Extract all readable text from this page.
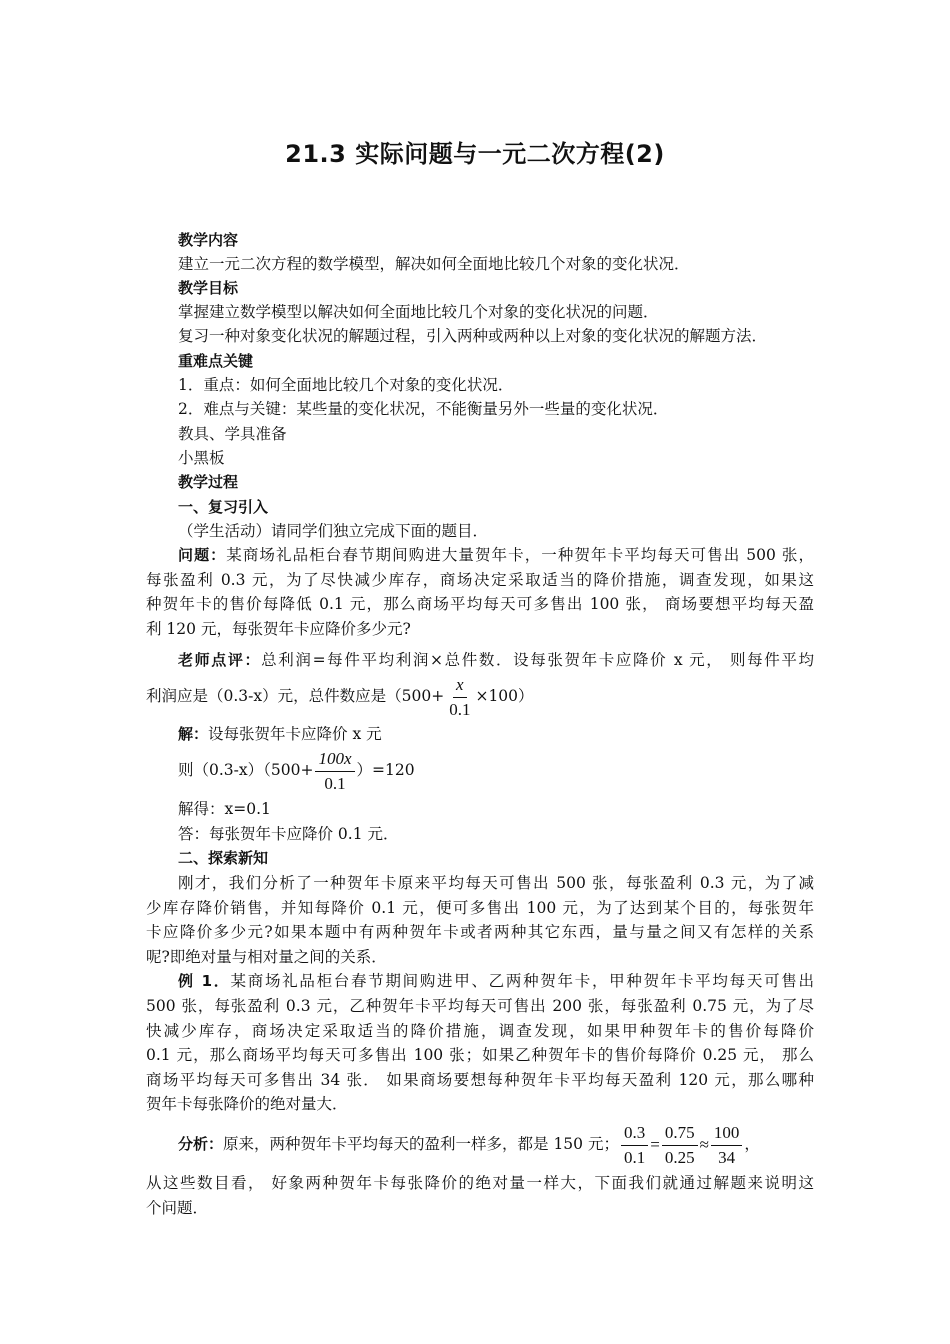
21.3 实际问题与一元二次方程(2)
教学内容
建立一元二次方程的数学模型，解决如何全面地比较几个对象的变化状况．
教学目标
掌握建立数学模型以解决如何全面地比较几个对象的变化状况的问题．
复习一种对象变化状况的解题过程，引入两种或两种以上对象的变化状况的解题方法．
重难点关键
1．重点：如何全面地比较几个对象的变化状况．
2．难点与关键：某些量的变化状况，不能衡量另外一些量的变化状况．
教具、学具准备
小黑板
教学过程
一、复习引入
（学生活动）请同学们独立完成下面的题目．
问题：某商场礼品柜台春节期间购进大量贺年卡，一种贺年卡平均每天可售出 500 张，
每张盈利 0.3 元，为了尽快减少库存，商场决定采取适当的降价措施，调查发现，如果这
种贺年卡的售价每降低 0.1 元，那么商场平均每天可多售出 100 张， 商场要想平均每天盈
利 120 元，每张贺年卡应降价多少元?
老师点评：总利润=每件平均利润×总件数．设每张贺年卡应降价 x 元， 则每件平均
利润应是（0.3-x）元，总件数应是$(500+ \frac{x}{0.1} \times 100)$
解：设每张贺年卡应降价 x 元
则$(0.3-x)(500+ \frac{100x}{0.1} )=120$
解得：x=0.1
答：每张贺年卡应降价 0.1 元．
二、探索新知
刚才，我们分析了一种贺年卡原来平均每天可售出 500 张，每张盈利 0.3 元，为了减
少库存降价销售，并知每降价 0.1 元，便可多售出 100 元，为了达到某个目的，每张贺年
卡应降价多少元?如果本题中有两种贺年卡或者两种其它东西，量与量之间又有怎样的关系
呢?即绝对量与相对量之间的关系．
例 1．某商场礼品柜台春节期间购进甲、乙两种贺年卡，甲种贺年卡平均每天可售出
500 张，每张盈利 0.3 元，乙种贺年卡平均每天可售出 200 张，每张盈利 0.75 元，为了尽
快减少库存，商场决定采取适当的降价措施，调查发现，如果甲种贺年卡的售价每降价
0.1 元，那么商场平均每天可多售出 100 张；如果乙种贺年卡的售价每降价 0.25 元， 那么
商场平均每天可多售出 34 张． 如果商场要想每种贺年卡平均每天盈利 120 元，那么哪种
贺年卡每张降价的绝对量大．
分析：原来，两种贺年卡平均每天的盈利一样多，都是 150 元； $\frac{0.3}{0.1} = \frac{0.75}{0.25} \approx \frac{100}{34}$ ，
从这些数目看， 好象两种贺年卡每张降价的绝对量一样大，下面我们就通过解题来说明这
个问题．
